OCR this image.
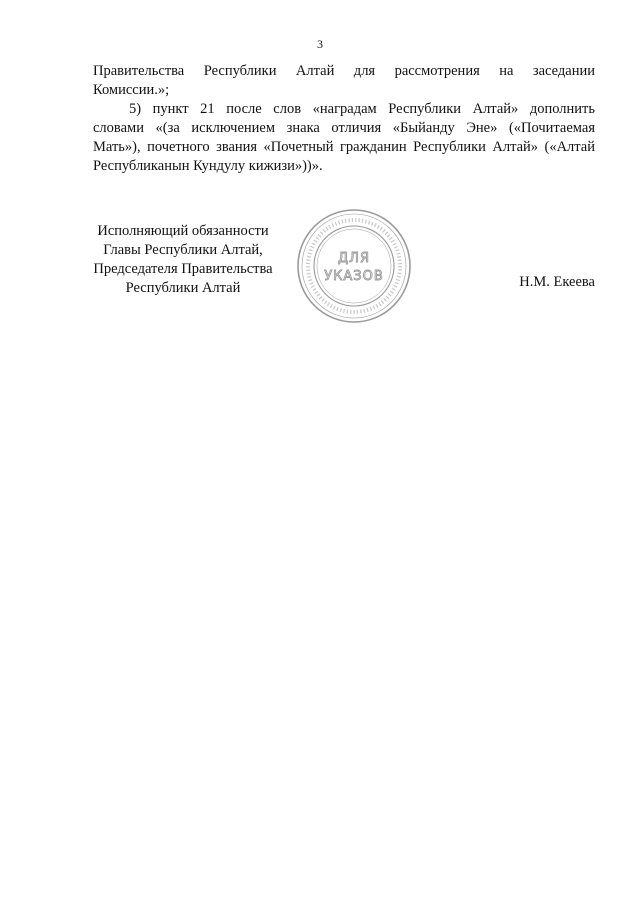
3

Правительства Республики Алтай для рассмотрения на заседании
Комиссии.»;

5) пункт 21 после слов «наградам Республики Алтай» дополнить
словами «(за исключением знака отличия «Быйанду Эне» («Почитаемая
Мать»), почетного звания «Почетный гражданин Республики Алтай» («Алтай
Республиканын Кундулу кижизи»))».

Исполняющий обязанности
Главы Республики Алтай,
Председателя Правительства
Республики Алтай
ДЛЯ
УКАЗОВ	Н.М. Екеева
